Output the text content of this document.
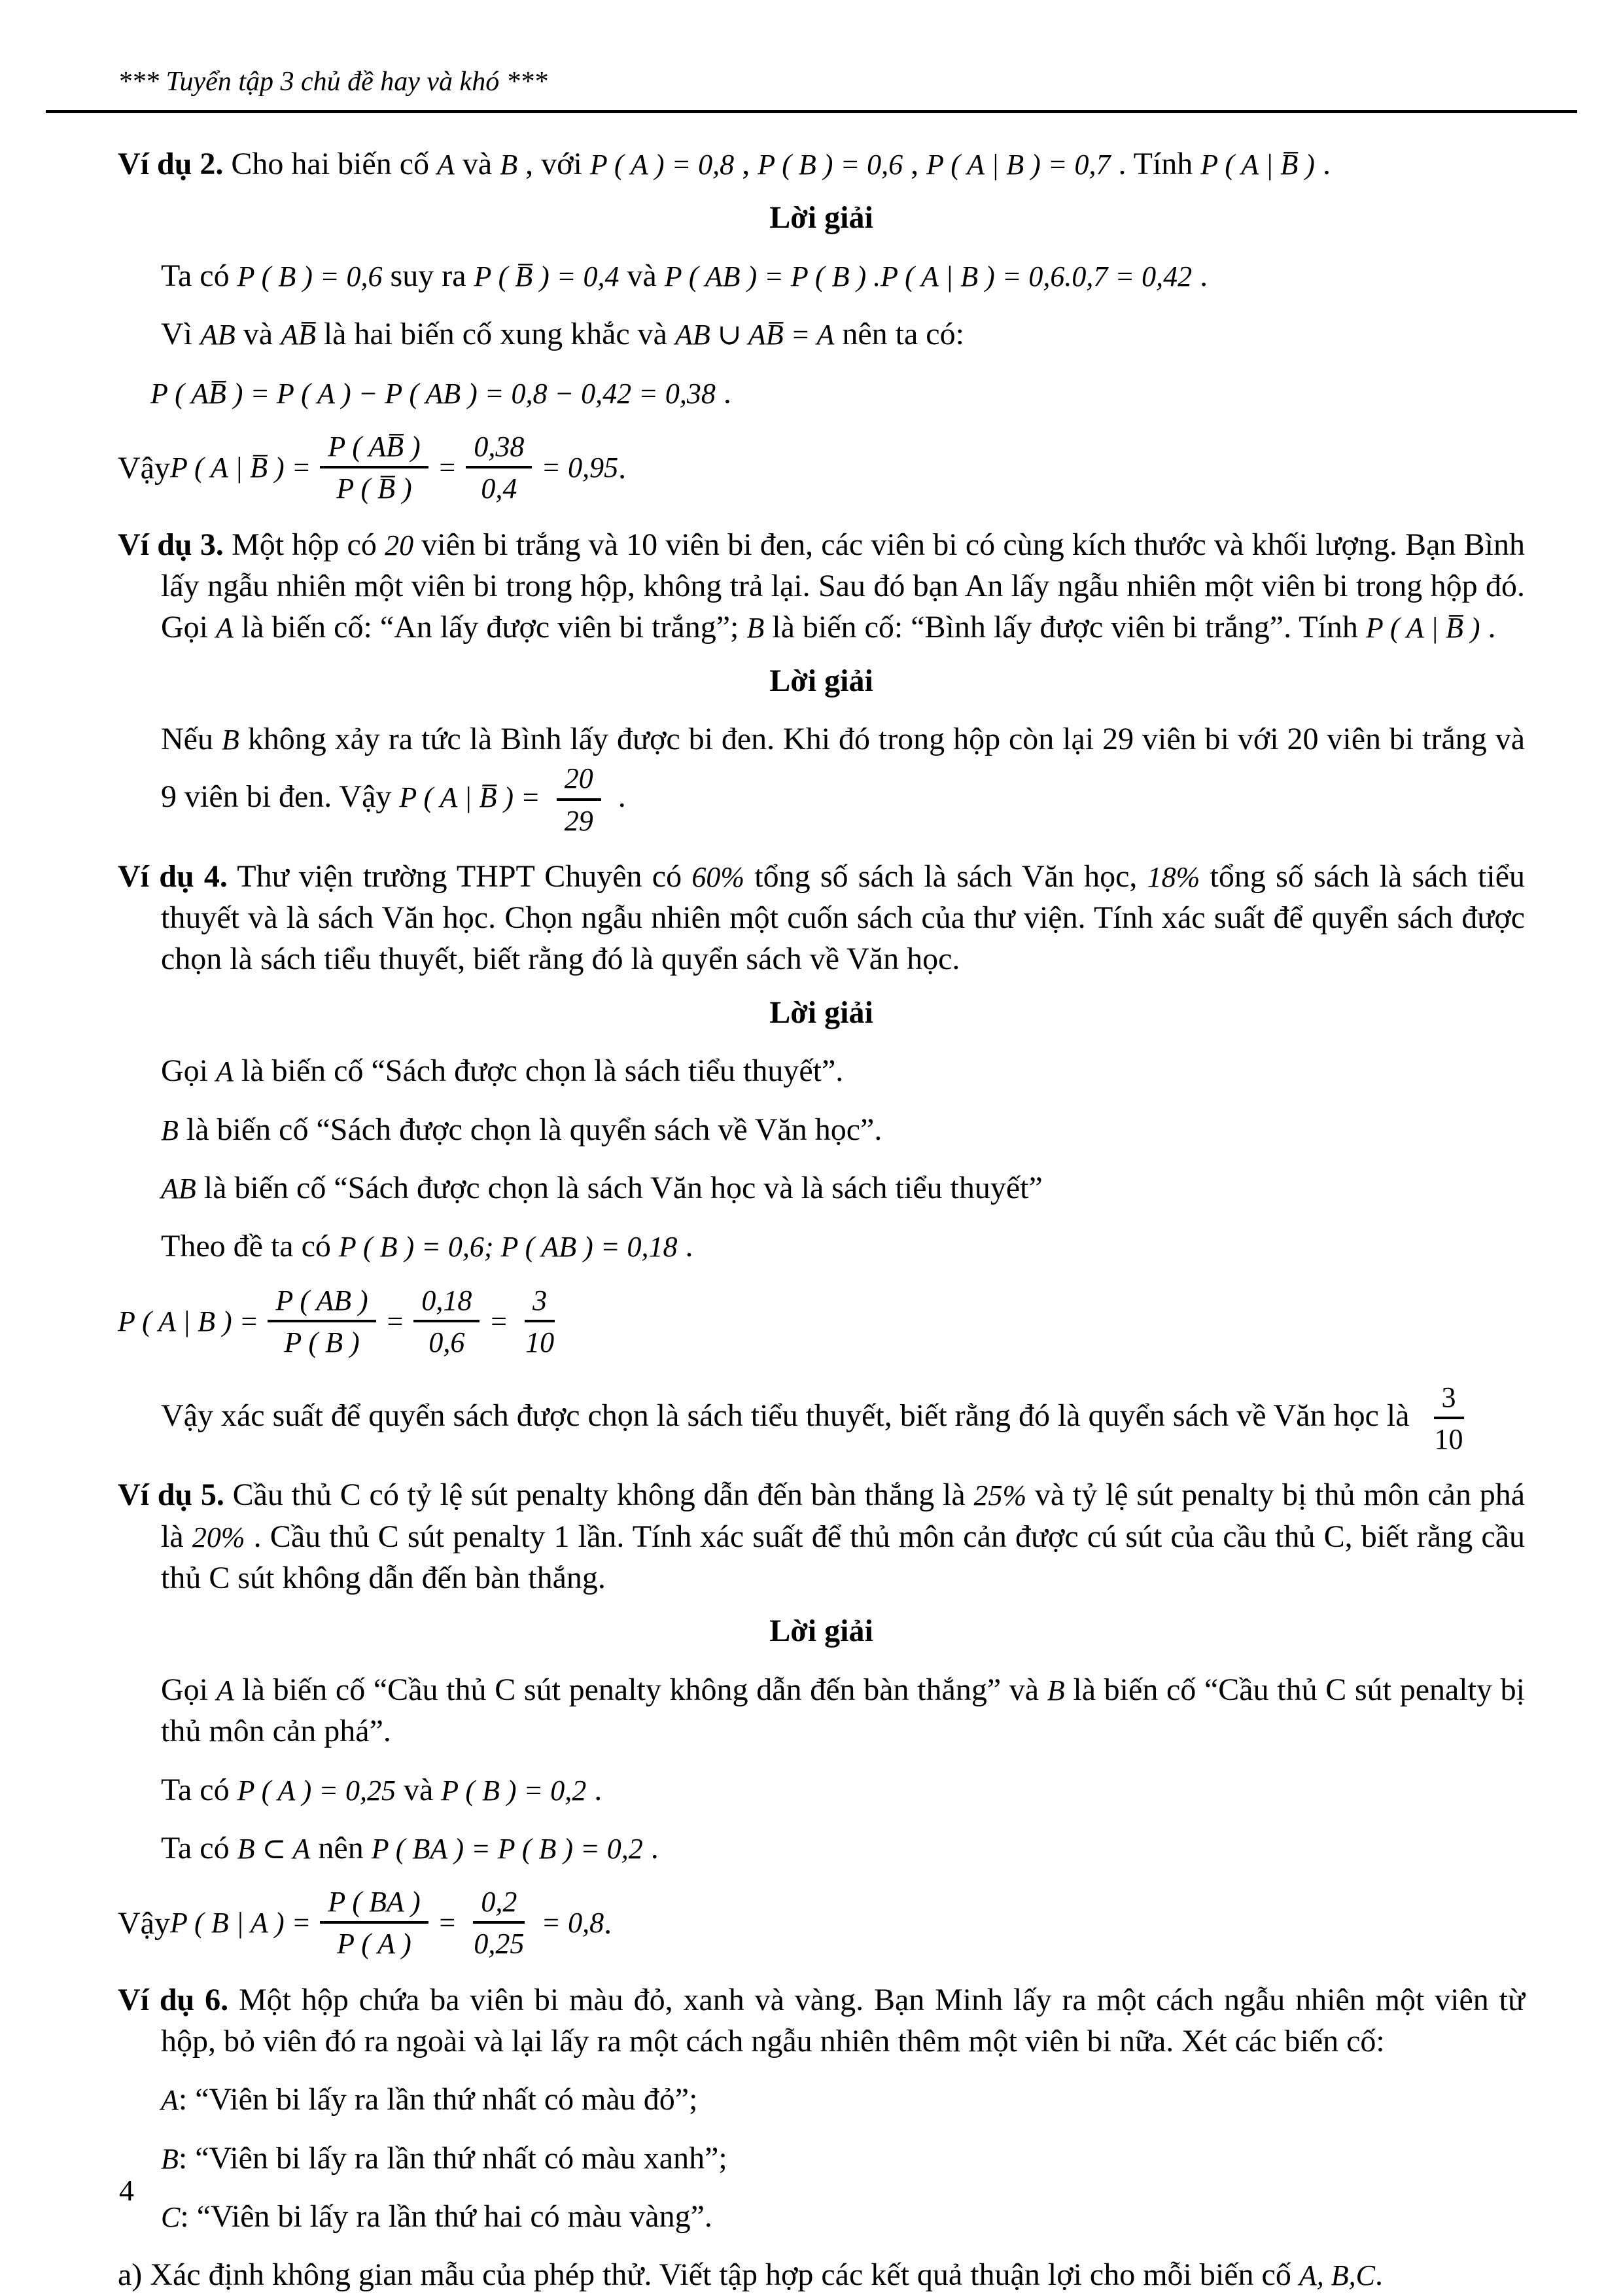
*** Tuyển tập 3 chủ đề hay và khó ***

Ví dụ 2. Cho hai biến cố A và B , với P ( A ) = 0,8 , P ( B ) = 0,6 , P ( A | B ) = 0,7 . Tính P ( A | B̅ ) .

Lời giải

Ta có P ( B ) = 0,6 suy ra P ( B̅ ) = 0,4 và P ( AB ) = P ( B ) .P ( A | B ) = 0,6.0,7 = 0,42 .

Vì AB và AB̅ là hai biến cố xung khắc và AB ∪ AB̅ = A nên ta có:

P ( AB̅ ) = P ( A ) − P ( AB ) = 0,8 − 0,42 = 0,38 .

Vậy P ( A | B̅ ) = $\frac{P ( AB̅ )}{P ( B̅ )} = \frac{0,38}{0,4} = 0,95$ .

Ví dụ 3. Một hộp có 20 viên bi trắng và 10 viên bi đen, các viên bi có cùng kích thước và khối lượng. Bạn Bình lấy ngẫu nhiên một viên bi trong hộp, không trả lại. Sau đó bạn An lấy ngẫu nhiên một viên bi trong hộp đó. Gọi A là biến cố: “An lấy được viên bi trắng”; B là biến cố: “Bình lấy được viên bi trắng”. Tính P ( A | B̅ ) .

Lời giải

Nếu B không xảy ra tức là Bình lấy được bi đen. Khi đó trong hộp còn lại 29 viên bi với 20 viên bi trắng và 9 viên bi đen. Vậy P ( A | B̅ ) = $\frac{20}{29}$ .

Ví dụ 4. Thư viện trường THPT Chuyên có 60% tổng số sách là sách Văn học, 18% tổng số sách là sách tiểu thuyết và là sách Văn học. Chọn ngẫu nhiên một cuốn sách của thư viện. Tính xác suất để quyển sách được chọn là sách tiểu thuyết, biết rằng đó là quyển sách về Văn học.

Lời giải

Gọi A là biến cố “Sách được chọn là sách tiểu thuyết”.

B là biến cố “Sách được chọn là quyển sách về Văn học”.

AB là biến cố “Sách được chọn là sách Văn học và là sách tiểu thuyết”

Theo đề ta có P ( B ) = 0,6; P ( AB ) = 0,18 .

P ( A | B ) = $\frac{P ( AB )}{P ( B )} = \frac{0,18}{0,6} = \frac{3}{10}$

Vậy xác suất để quyển sách được chọn là sách tiểu thuyết, biết rằng đó là quyển sách về Văn học là $\frac{3}{10}$

Ví dụ 5. Cầu thủ C có tỷ lệ sút penalty không dẫn đến bàn thắng là 25% và tỷ lệ sút penalty bị thủ môn cản phá là 20% . Cầu thủ C sút penalty 1 lần. Tính xác suất để thủ môn cản được cú sút của cầu thủ C, biết rằng cầu thủ C sút không dẫn đến bàn thắng.

Lời giải

Gọi A là biến cố “Cầu thủ C sút penalty không dẫn đến bàn thắng” và B là biến cố “Cầu thủ C sút penalty bị thủ môn cản phá”.

Ta có P ( A ) = 0,25 và P ( B ) = 0,2 .

Ta có B ⊂ A nên P ( BA ) = P ( B ) = 0,2 .

Vậy P ( B | A ) = $\frac{P ( BA )}{P ( A )} = \frac{0,2}{0,25} = 0,8$ .

Ví dụ 6. Một hộp chứa ba viên bi màu đỏ, xanh và vàng. Bạn Minh lấy ra một cách ngẫu nhiên một viên từ hộp, bỏ viên đó ra ngoài và lại lấy ra một cách ngẫu nhiên thêm một viên bi nữa. Xét các biến cố:

A: “Viên bi lấy ra lần thứ nhất có màu đỏ”;

B: “Viên bi lấy ra lần thứ nhất có màu xanh”;

C: “Viên bi lấy ra lần thứ hai có màu vàng”.

a) Xác định không gian mẫu của phép thử. Viết tập hợp các kết quả thuận lợi cho mỗi biến cố A, B,C.

4
